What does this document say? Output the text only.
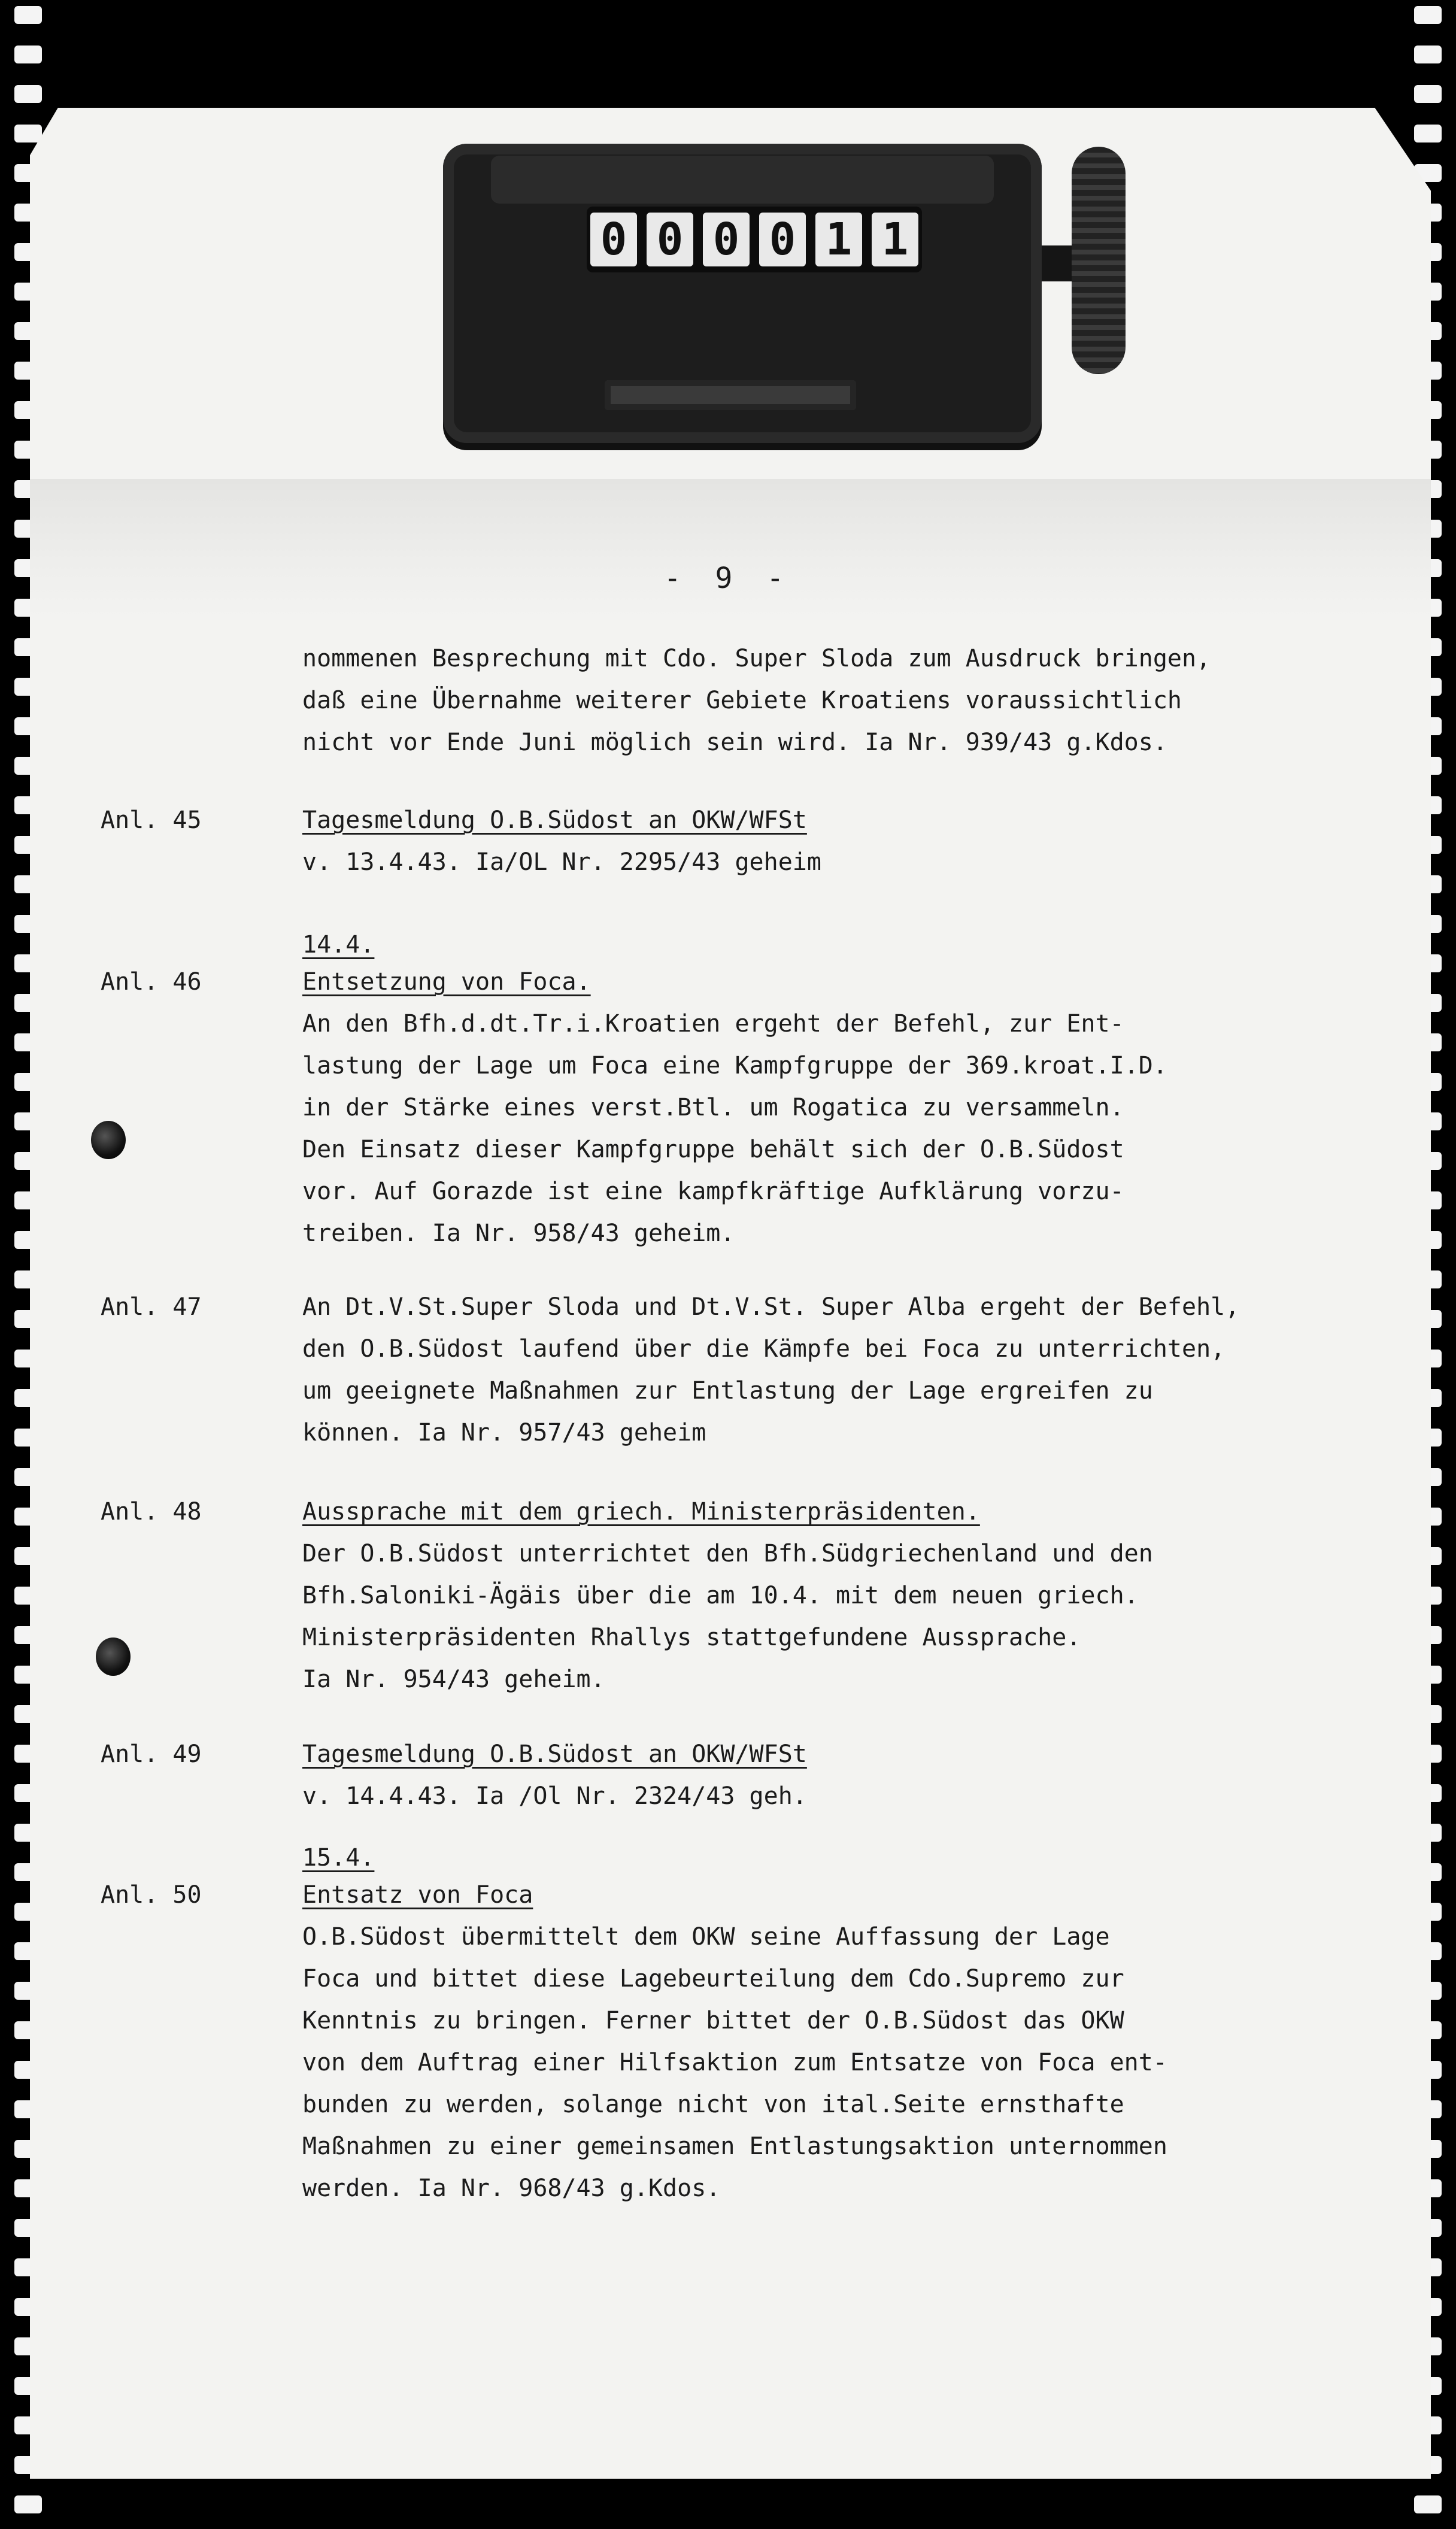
0 0 0 0 1 1
- 9 -
nommenen Besprechung mit Cdo. Super Sloda zum Ausdruck bringen,
daß eine Übernahme weiterer Gebiete Kroatiens voraussichtlich
nicht vor Ende Juni möglich sein wird. Ia Nr. 939/43 g.Kdos.
Anl. 45	Tagesmeldung O.B.Südost an OKW/WFSt
v. 13.4.43. Ia/OL Nr. 2295/43 geheim
14.4.
Anl. 46	Entsetzung von Foca.
An den Bfh.d.dt.Tr.i.Kroatien ergeht der Befehl, zur Ent-
lastung der Lage um Foca eine Kampfgruppe der 369.kroat.I.D.
in der Stärke eines verst.Btl. um Rogatica zu versammeln.
Den Einsatz dieser Kampfgruppe behält sich der O.B.Südost
vor. Auf Gorazde ist eine kampfkräftige Aufklärung vorzu-
treiben. Ia Nr. 958/43 geheim.
Anl. 47	An Dt.V.St.Super Sloda und Dt.V.St. Super Alba ergeht der Befehl,
den O.B.Südost laufend über die Kämpfe bei Foca zu unterrichten,
um geeignete Maßnahmen zur Entlastung der Lage ergreifen zu
können. Ia Nr. 957/43 geheim
Anl. 48	Aussprache mit dem griech. Ministerpräsidenten.
Der O.B.Südost unterrichtet den Bfh.Südgriechenland und den
Bfh.Saloniki-Ägäis über die am 10.4. mit dem neuen griech.
Ministerpräsidenten Rhallys stattgefundene Aussprache.
Ia Nr. 954/43 geheim.
Anl. 49	Tagesmeldung O.B.Südost an OKW/WFSt
v. 14.4.43. Ia /Ol Nr. 2324/43 geh.
15.4.
Anl. 50	Entsatz von Foca
O.B.Südost übermittelt dem OKW seine Auffassung der Lage
Foca und bittet diese Lagebeurteilung dem Cdo.Supremo zur
Kenntnis zu bringen. Ferner bittet der O.B.Südost das OKW
von dem Auftrag einer Hilfsaktion zum Entsatze von Foca ent-
bunden zu werden, solange nicht von ital.Seite ernsthafte
Maßnahmen zu einer gemeinsamen Entlastungsaktion unternommen
werden. Ia Nr. 968/43 g.Kdos.
